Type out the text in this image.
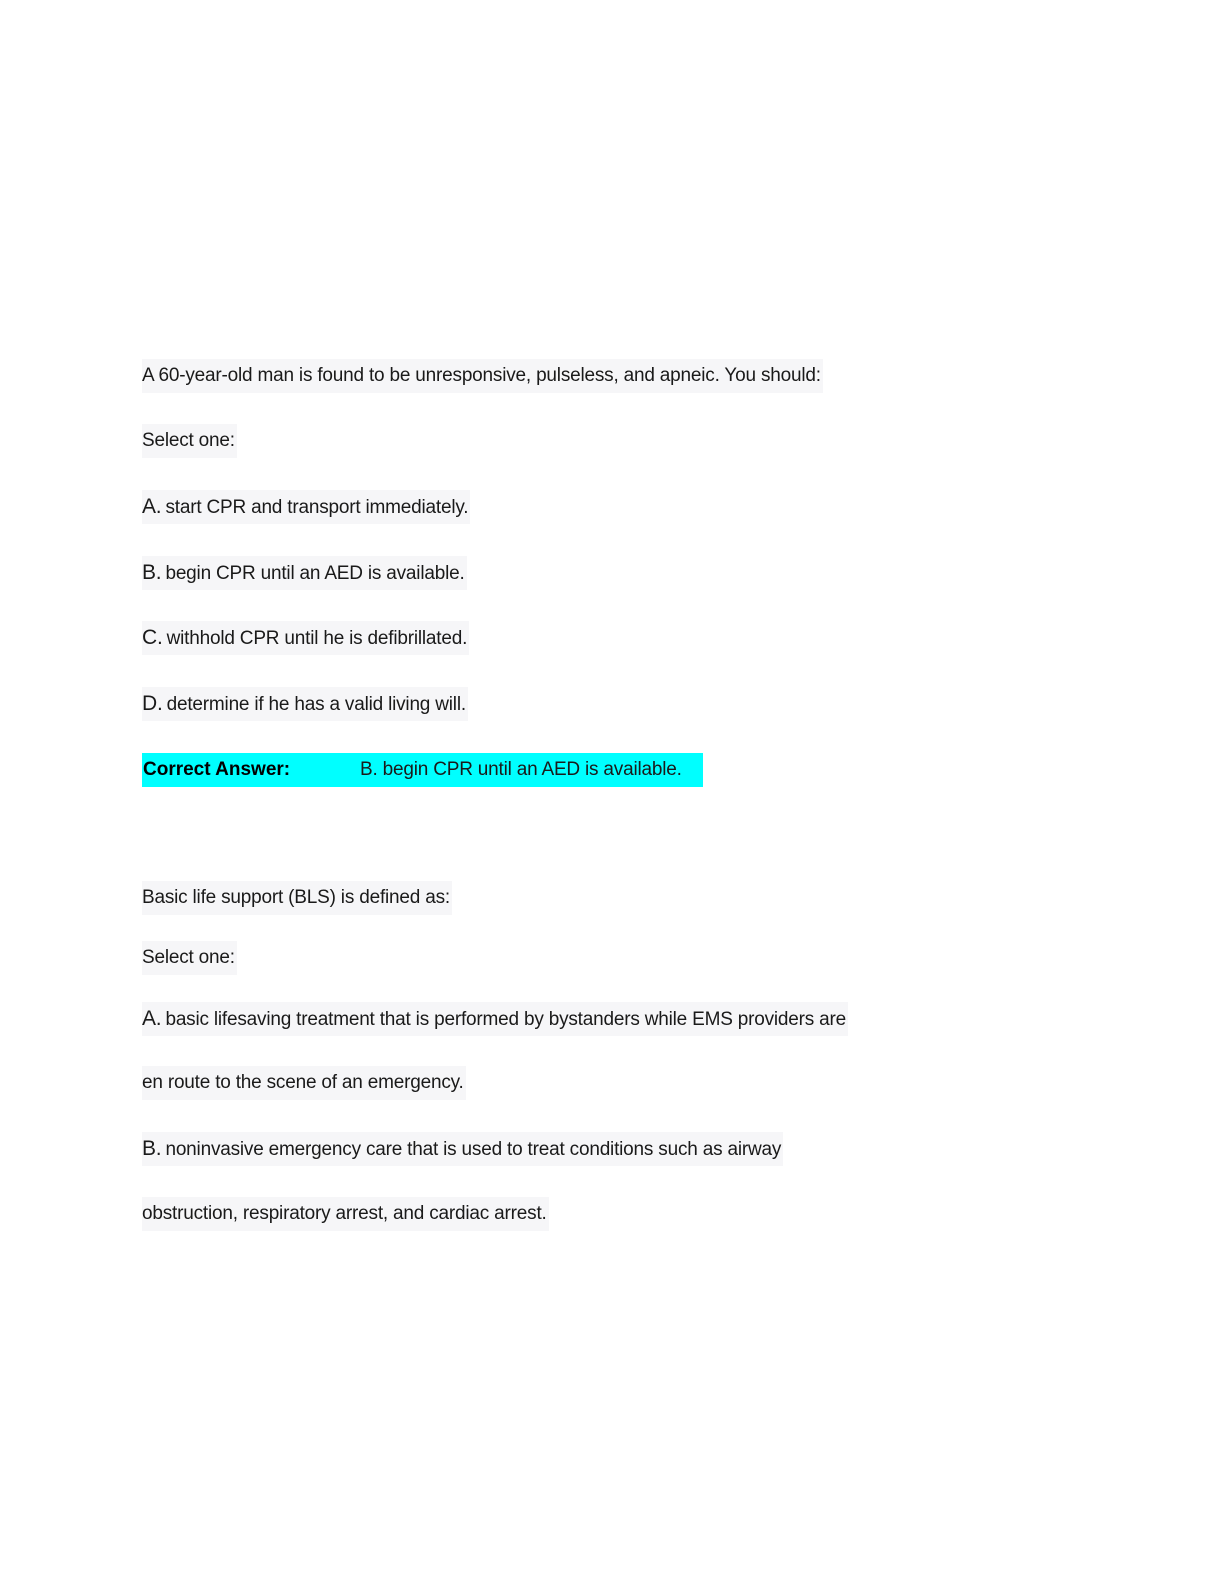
A 60-year-old man is found to be unresponsive, pulseless, and apneic. You should:
Select one:
A. start CPR and transport immediately.
B. begin CPR until an AED is available.
C. withhold CPR until he is defibrillated.
D. determine if he has a valid living will.
Correct Answer:	B. begin CPR until an AED is available.
Basic life support (BLS) is defined as:
Select one:
A. basic lifesaving treatment that is performed by bystanders while EMS providers are
en route to the scene of an emergency.
B. noninvasive emergency care that is used to treat conditions such as airway
obstruction, respiratory arrest, and cardiac arrest.
